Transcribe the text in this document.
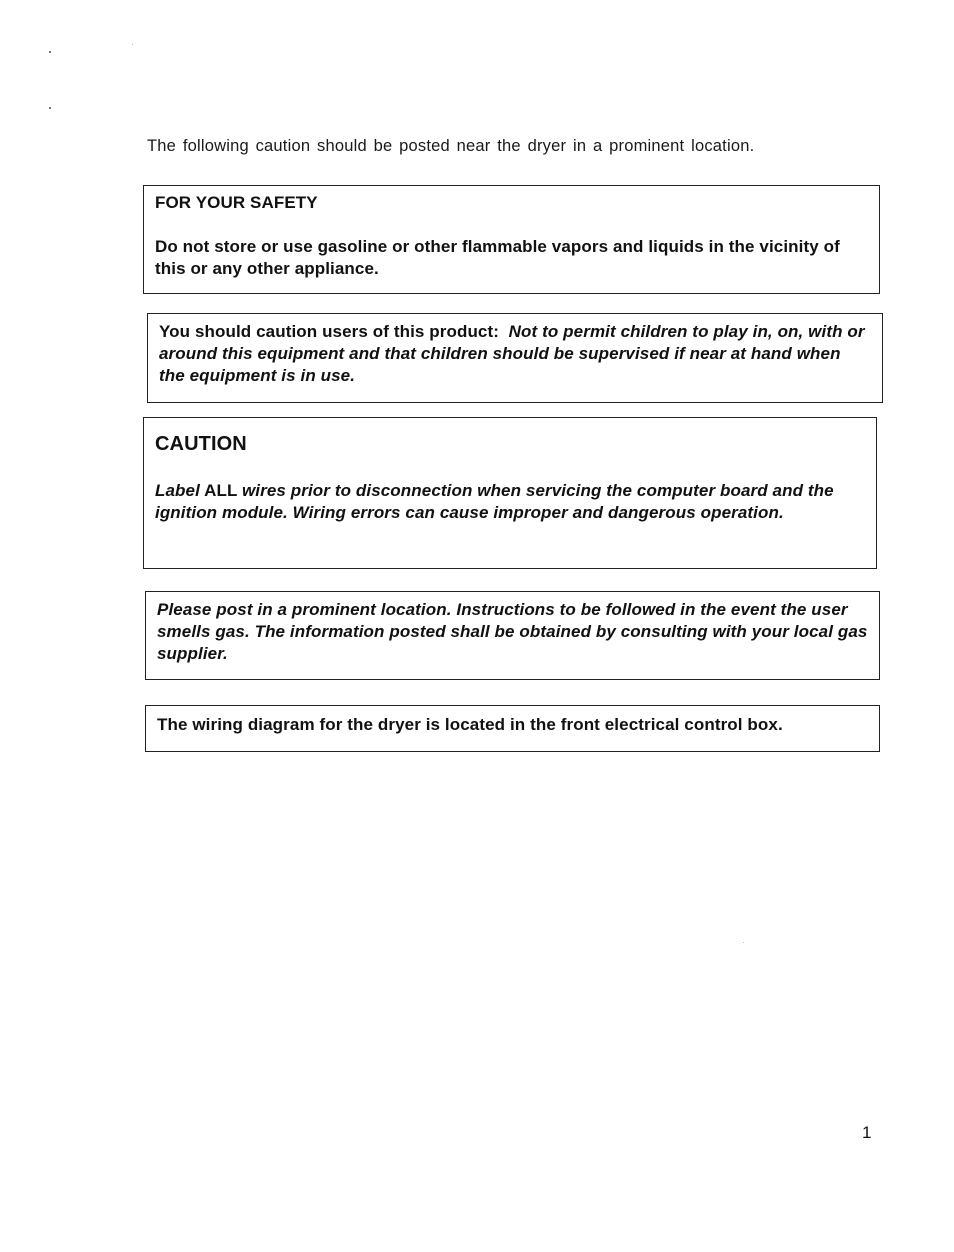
The following caution should be posted near the dryer in a prominent location.

FOR YOUR SAFETY

Do not store or use gasoline or other flammable vapors and liquids in the vicinity of this or any other appliance.

You should caution users of this product: Not to permit children to play in, on, with or around this equipment and that children should be supervised if near at hand when the equipment is in use.

CAUTION

Label ALL wires prior to disconnection when servicing the computer board and the ignition module. Wiring errors can cause improper and dangerous operation.

Please post in a prominent location. Instructions to be followed in the event the user smells gas. The information posted shall be obtained by consulting with your local gas supplier.

The wiring diagram for the dryer is located in the front electrical control box.

1
